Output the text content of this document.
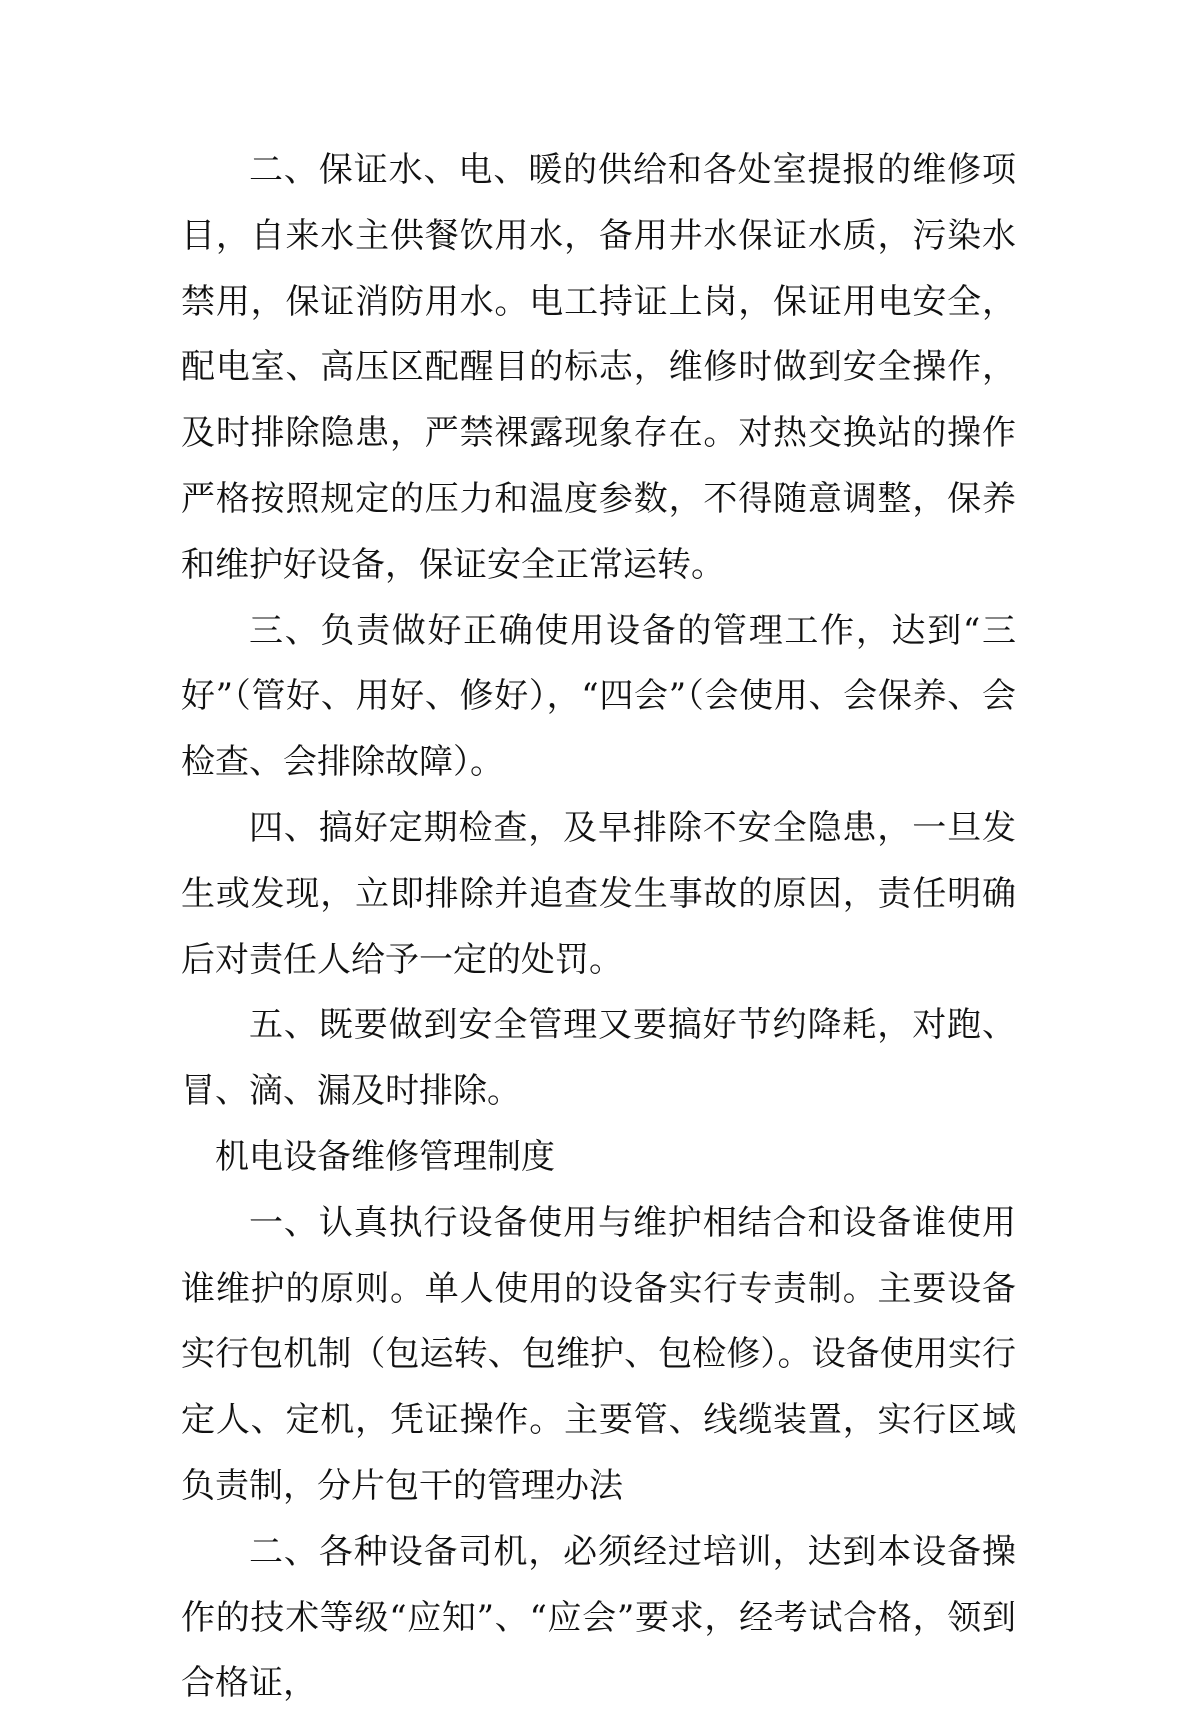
二、保证水、电、暖的供给和各处室提报的维修项目，自来水主供餐饮用水，备用井水保证水质，污染水禁用，保证消防用水。电工持证上岗，保证用电安全，配电室、高压区配醒目的标志，维修时做到安全操作，及时排除隐患，严禁裸露现象存在。对热交换站的操作严格按照规定的压力和温度参数，不得随意调整，保养和维护好设备，保证安全正常运转。

三、负责做好正确使用设备的管理工作，达到“三好”（管好、用好、修好），“四会”（会使用、会保养、会检查、会排除故障）。

四、搞好定期检查，及早排除不安全隐患，一旦发生或发现，立即排除并追查发生事故的原因，责任明确后对责任人给予一定的处罚。

五、既要做到安全管理又要搞好节约降耗，对跑、冒、滴、漏及时排除。

机电设备维修管理制度

一、认真执行设备使用与维护相结合和设备谁使用谁维护的原则。单人使用的设备实行专责制。主要设备实行包机制（包运转、包维护、包检修）。设备使用实行定人、定机，凭证操作。主要管、线缆装置，实行区域负责制，分片包干的管理办法

二、各种设备司机，必须经过培训，达到本设备操作的技术等级“应知”、“应会”要求，经考试合格，领到合格证，
